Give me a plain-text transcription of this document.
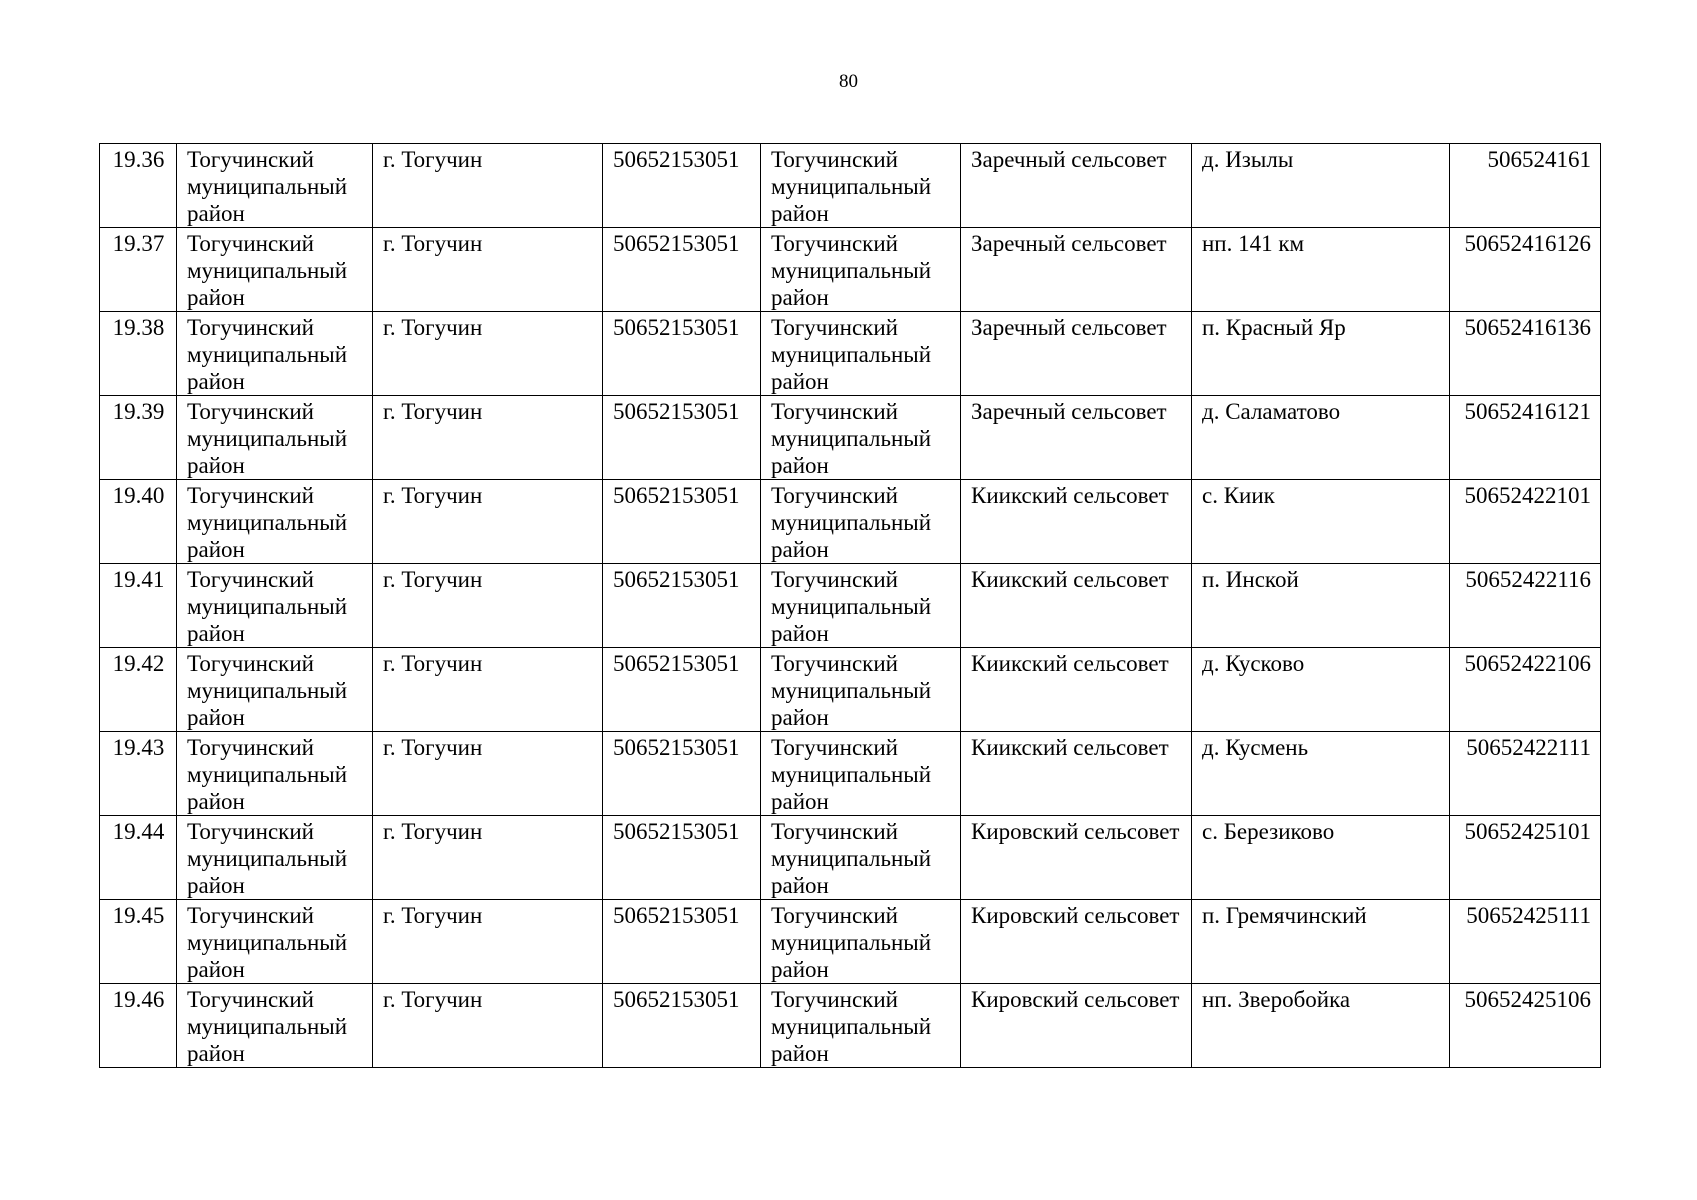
80
19.36	Тогучинский муниципальный район	г. Тогучин	50652153051	Тогучинский муниципальный район	Заречный сельсовет	д. Изылы	506524161
19.37	Тогучинский муниципальный район	г. Тогучин	50652153051	Тогучинский муниципальный район	Заречный сельсовет	нп. 141 км	50652416126
19.38	Тогучинский муниципальный район	г. Тогучин	50652153051	Тогучинский муниципальный район	Заречный сельсовет	п. Красный Яр	50652416136
19.39	Тогучинский муниципальный район	г. Тогучин	50652153051	Тогучинский муниципальный район	Заречный сельсовет	д. Саламатово	50652416121
19.40	Тогучинский муниципальный район	г. Тогучин	50652153051	Тогучинский муниципальный район	Киикский сельсовет	с. Киик	50652422101
19.41	Тогучинский муниципальный район	г. Тогучин	50652153051	Тогучинский муниципальный район	Киикский сельсовет	п. Инской	50652422116
19.42	Тогучинский муниципальный район	г. Тогучин	50652153051	Тогучинский муниципальный район	Киикский сельсовет	д. Кусково	50652422106
19.43	Тогучинский муниципальный район	г. Тогучин	50652153051	Тогучинский муниципальный район	Киикский сельсовет	д. Кусмень	50652422111
19.44	Тогучинский муниципальный район	г. Тогучин	50652153051	Тогучинский муниципальный район	Кировский сельсовет	с. Березиково	50652425101
19.45	Тогучинский муниципальный район	г. Тогучин	50652153051	Тогучинский муниципальный район	Кировский сельсовет	п. Гремячинский	50652425111
19.46	Тогучинский муниципальный район	г. Тогучин	50652153051	Тогучинский муниципальный район	Кировский сельсовет	нп. Зверобойка	50652425106
